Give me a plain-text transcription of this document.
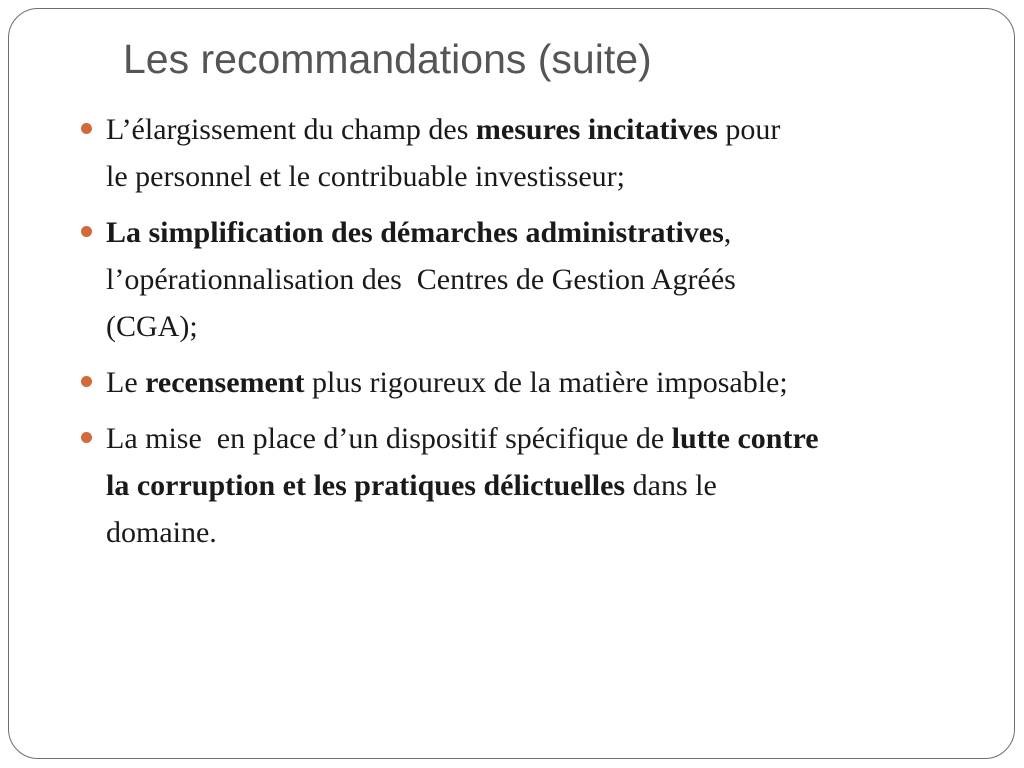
Les recommandations (suite)
L’élargissement du champ des mesures incitatives pour
le personnel et le contribuable investisseur;
La simplification des démarches administratives,
l’opérationnalisation des  Centres de Gestion Agréés
(CGA);
Le recensement plus rigoureux de la matière imposable;
La mise  en place d’un dispositif spécifique de lutte contre
la corruption et les pratiques délictuelles dans le
domaine.
